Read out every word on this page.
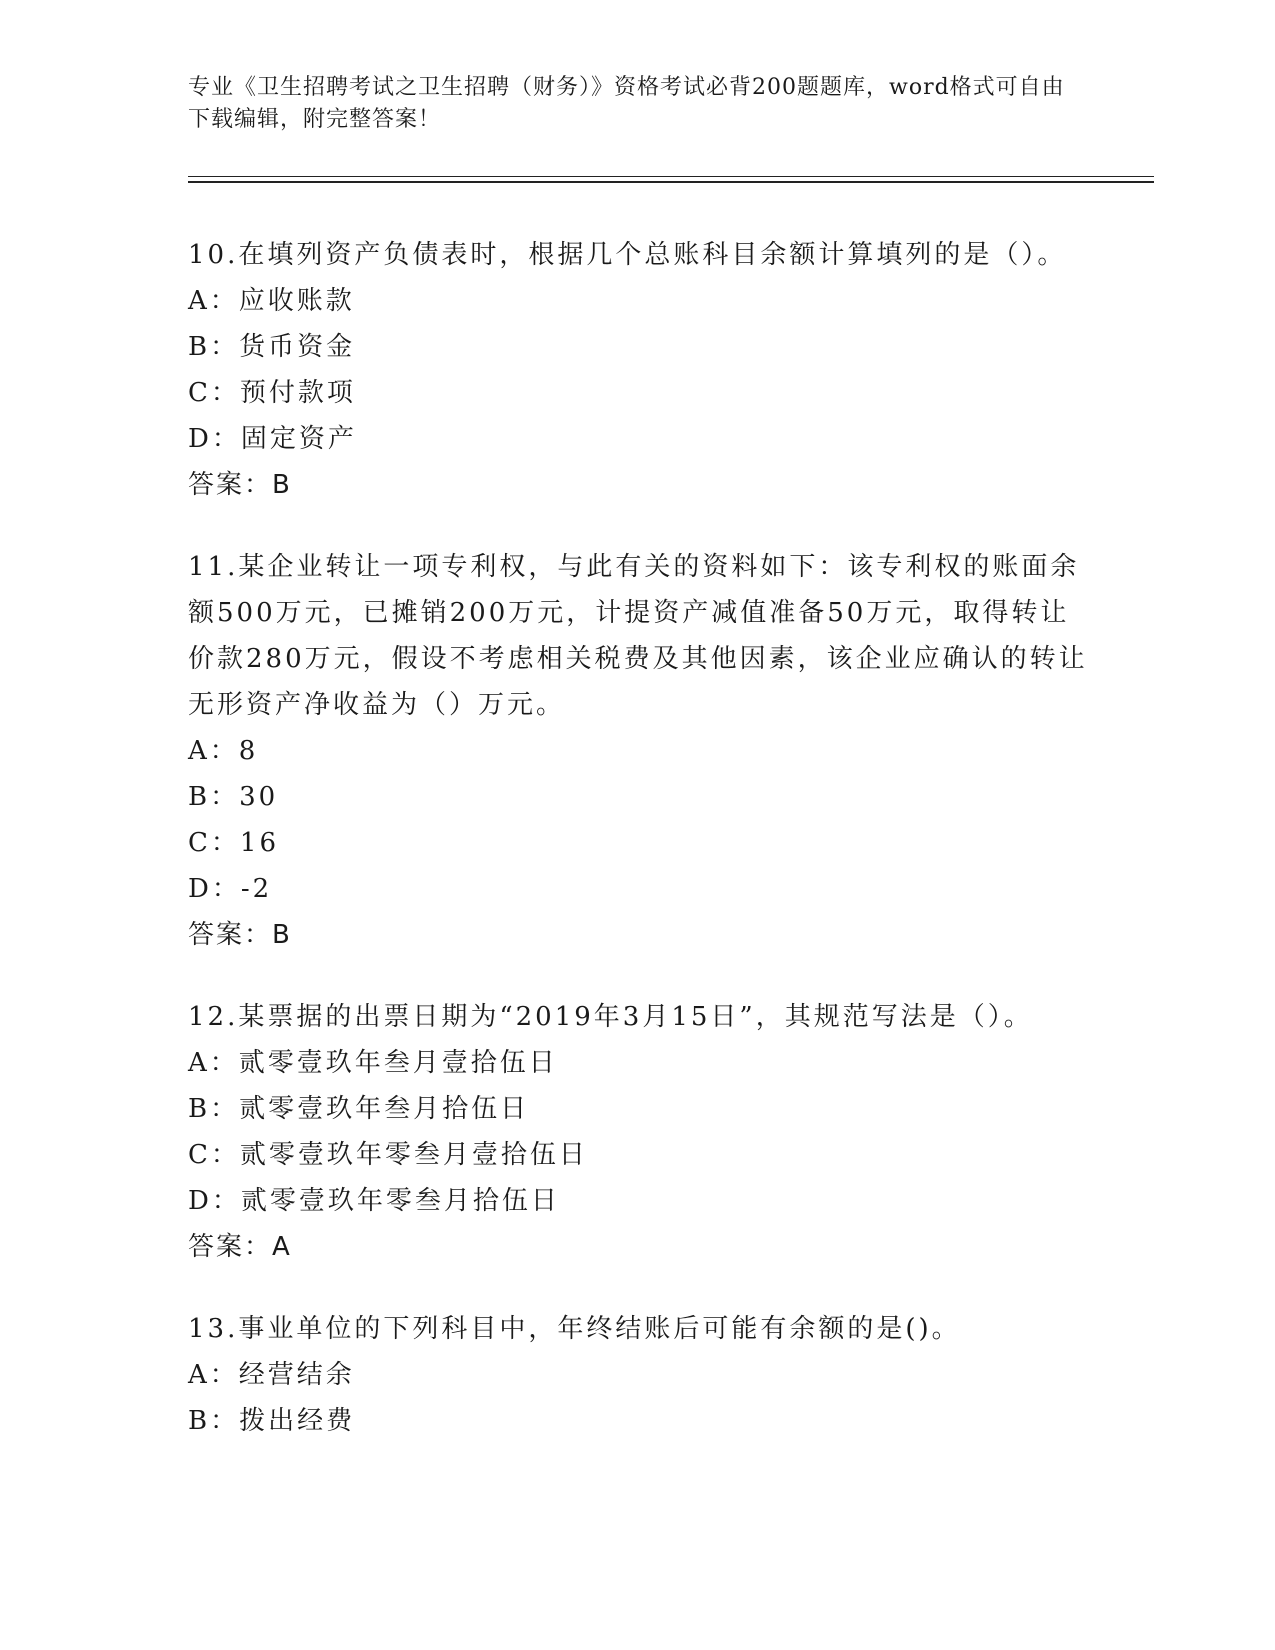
专业《卫生招聘考试之卫生招聘（财务）》资格考试必背200题题库，word格式可自由下载编辑，附完整答案！

10.在填列资产负债表时，根据几个总账科目余额计算填列的是（）。

A：应收账款

B：货币资金

C：预付款项

D：固定资产

答案：B

11.某企业转让一项专利权，与此有关的资料如下：该专利权的账面余额500万元，已摊销200万元，计提资产减值准备50万元，取得转让价款280万元，假设不考虑相关税费及其他因素，该企业应确认的转让无形资产净收益为（）万元。

A：8

B：30

C：16

D：-2

答案：B

12.某票据的出票日期为“2019年3月15日”，其规范写法是（）。

A：贰零壹玖年叁月壹拾伍日

B：贰零壹玖年叁月拾伍日

C：贰零壹玖年零叁月壹拾伍日

D：贰零壹玖年零叁月拾伍日

答案：A

13.事业单位的下列科目中，年终结账后可能有余额的是()。

A：经营结余

B：拨出经费
